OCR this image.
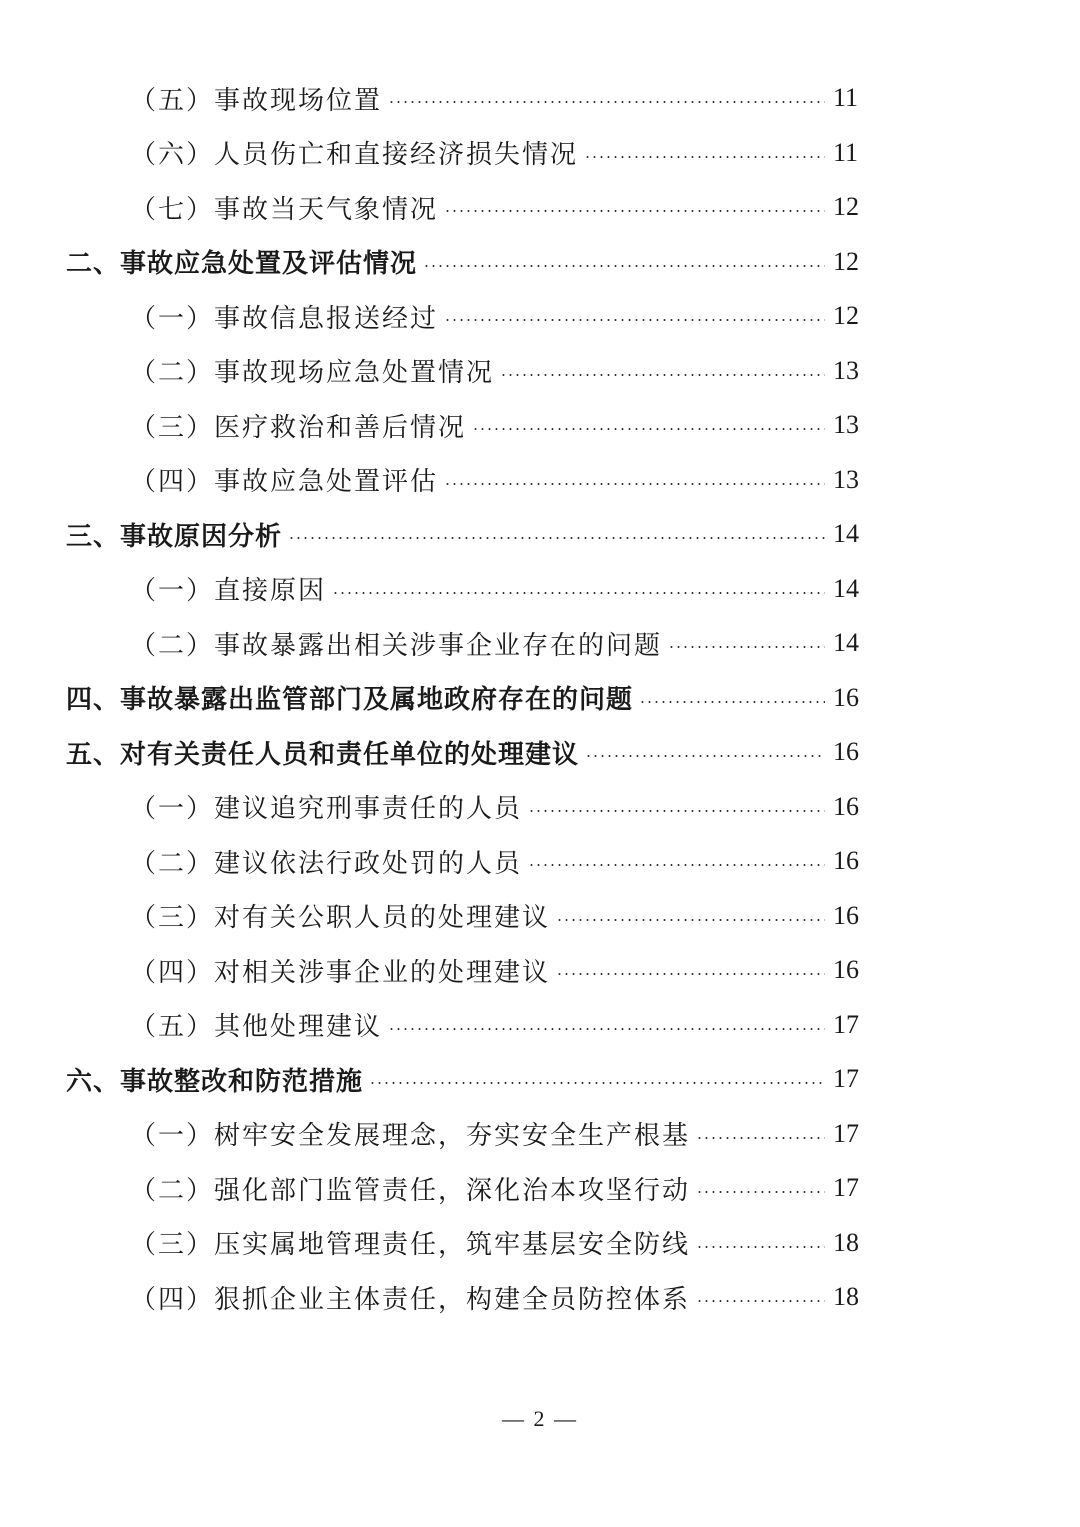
（五）事故现场位置	11
（六）人员伤亡和直接经济损失情况	11
（七）事故当天气象情况	12
二、事故应急处置及评估情况	12
（一）事故信息报送经过	12
（二）事故现场应急处置情况	13
（三）医疗救治和善后情况	13
（四）事故应急处置评估	13
三、事故原因分析	14
（一）直接原因	14
（二）事故暴露出相关涉事企业存在的问题	14
四、事故暴露出监管部门及属地政府存在的问题	16
五、对有关责任人员和责任单位的处理建议	16
（一）建议追究刑事责任的人员	16
（二）建议依法行政处罚的人员	16
（三）对有关公职人员的处理建议	16
（四）对相关涉事企业的处理建议	16
（五）其他处理建议	17
六、事故整改和防范措施	17
（一）树牢安全发展理念，夯实安全生产根基	17
（二）强化部门监管责任，深化治本攻坚行动	17
（三）压实属地管理责任，筑牢基层安全防线	18
（四）狠抓企业主体责任，构建全员防控体系	18
— 2 —
